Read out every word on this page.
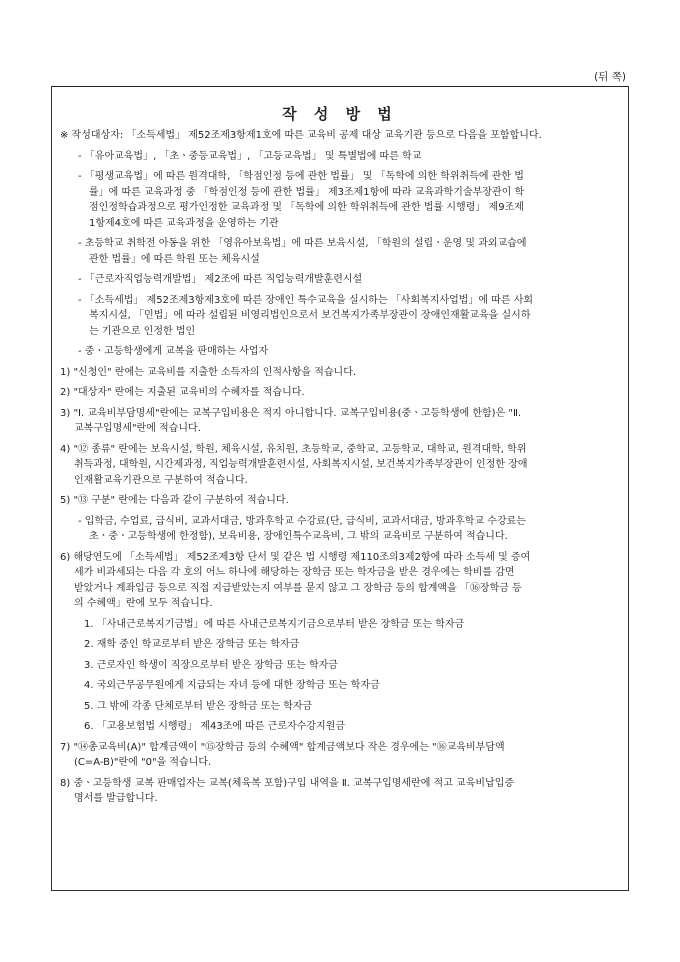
(뒤 쪽)
작 성 방 법

※ 작성대상자: 「소득세법」 제52조제3항제1호에 따른 교육비 공제 대상 교육기관 등으로 다음을 포함합니다.

- 「유아교육법」, 「초ㆍ중등교육법」, 「고등교육법」 및 특별법에 따른 학교

- 「평생교육법」에 따른 원격대학, 「학점인정 등에 관한 법률」 및 「독학에 의한 학위취득에 관한 법

률」에 따른 교육과정 중 「학점인정 등에 관한 법률」 제3조제1항에 따라 교육과학기술부장관이 학

점인정학습과정으로 평가인정한 교육과정 및 「독학에 의한 학위취득에 관한 법률 시행령」 제9조제

1항제4호에 따른 교육과정을 운영하는 기관

- 초등학교 취학전 아동을 위한 「영유아보육법」에 따른 보육시설, 「학원의 설립ㆍ운영 및 과외교습에

관한 법률」에 따른 학원 또는 체육시설

- 「근로자직업능력개발법」 제2조에 따른 직업능력개발훈련시설

- 「소득세법」 제52조제3항제3호에 따른 장애인 특수교육을 실시하는 「사회복지사업법」에 따른 사회

복지시설, 「민법」에 따라 설립된 비영리법인으로서 보건복지가족부장관이 장애인재활교육을 실시하

는 기관으로 인정한 법인

- 중ㆍ고등학생에게 교복을 판매하는 사업자

1) "신청인" 란에는 교육비를 지출한 소득자의 인적사항을 적습니다.

2) "대상자" 란에는 지출된 교육비의 수혜자를 적습니다.

3) "Ⅰ. 교육비부담명세"란에는 교복구입비용은 적지 아니합니다. 교복구입비용(중ㆍ고등학생에 한함)은 "Ⅱ.

교복구입명세"란에 적습니다.

4) "⑫ 종류" 란에는 보육시설, 학원, 체육시설, 유치원, 초등학교, 중학교, 고등학교, 대학교, 원격대학, 학위

취득과정, 대학원, 시간제과정, 직업능력개발훈련시설, 사회복지시설, 보건복지가족부장관이 인정한 장애

인재활교육기관으로 구분하여 적습니다.

5) "⑬ 구분" 란에는 다음과 같이 구분하여 적습니다.

- 입학금, 수업료, 급식비, 교과서대금, 방과후학교 수강료(단, 급식비, 교과서대금, 방과후학교 수강료는

초ㆍ중ㆍ고등학생에 한정함), 보육비용, 장애인특수교육비, 그 밖의 교육비로 구분하여 적습니다.

6) 해당연도에 「소득세법」 제52조제3항 단서 및 같은 법 시행령 제110조의3제2항에 따라 소득세 및 증여

세가 비과세되는 다음 각 호의 어느 하나에 해당하는 장학금 또는 학자금을 받은 경우에는 학비를 감면

받았거나 계좌입금 등으로 직접 지급받았는지 여부를 묻지 않고 그 장학금 등의 합계액을 「⑯장학금 등

의 수혜액」란에 모두 적습니다.

1. 「사내근로복지기금법」에 따른 사내근로복지기금으로부터 받은 장학금 또는 학자금

2. 재학 중인 학교로부터 받은 장학금 또는 학자금

3. 근로자인 학생이 직장으로부터 받은 장학금 또는 학자금

4. 국외근무공무원에게 지급되는 자녀 등에 대한 장학금 또는 학자금

5. 그 밖에 각종 단체로부터 받은 장학금 또는 학자금

6. 「고용보험법 시행령」 제43조에 따른 근로자수강지원금

7) "⑭총교육비(A)" 합계금액이 "⑮장학금 등의 수혜액" 합계금액보다 작은 경우에는 "⑯교육비부담액

(C=A-B)"란에 "0"을 적습니다.

8) 중ㆍ고등학생 교복 판매업자는 교복(체육복 포함)구입 내역을 Ⅱ. 교복구입명세란에 적고 교육비납입증

명서를 발급합니다.
